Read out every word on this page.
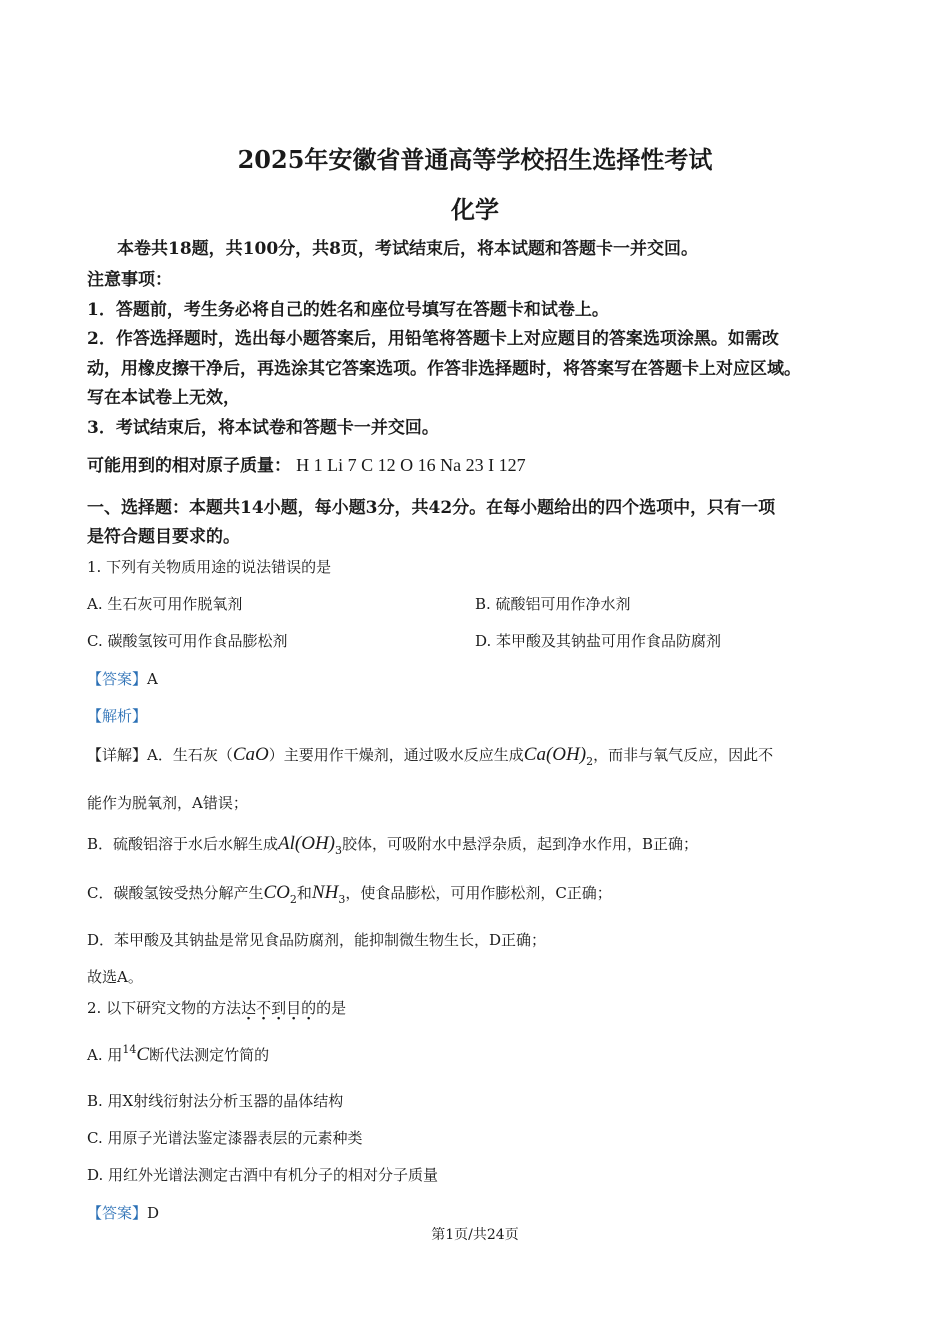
2025年安徽省普通高等学校招生选择性考试
化学
本卷共18题，共100分，共8页，考试结束后，将本试题和答题卡一并交回。
注意事项：
1．答题前，考生务必将自己的姓名和座位号填写在答题卡和试卷上。
2．作答选择题时，选出每小题答案后，用铅笔将答题卡上对应题目的答案选项涂黑。如需改
动，用橡皮擦干净后，再选涂其它答案选项。作答非选择题时，将答案写在答题卡上对应区域。
写在本试卷上无效，
3．考试结束后，将本试卷和答题卡一并交回。
可能用到的相对原子质量： H 1 Li 7 C 12 O 16 Na 23 I 127
一、选择题：本题共14小题，每小题3分，共42分。在每小题给出的四个选项中，只有一项
是符合题目要求的。
1. 下列有关物质用途的说法错误的是
A. 生石灰可用作脱氧剂	B. 硫酸铝可用作净水剂
C. 碳酸氢铵可用作食品膨松剂	D. 苯甲酸及其钠盐可用作食品防腐剂
【答案】A
【解析】
【详解】A．生石灰（CaO）主要用作干燥剂，通过吸水反应生成$Ca(OH)_2$，而非与氧气反应，因此不
能作为脱氧剂，A错误；
B．硫酸铝溶于水后水解生成$Al(OH)_3$胶体，可吸附水中悬浮杂质，起到净水作用，B正确；
C．碳酸氢铵受热分解产生$CO_2$和$NH_3$，使食品膨松，可用作膨松剂，C正确；
D．苯甲酸及其钠盐是常见食品防腐剂，能抑制微生物生长，D正确；
故选A。
2. 以下研究文物的方法达不到目的的是
A. 用$^{14}$C断代法测定竹简的
B. 用X射线衍射法分析玉器的晶体结构
C. 用原子光谱法鉴定漆器表层的元素种类
D. 用红外光谱法测定古酒中有机分子的相对分子质量
【答案】D
第1页/共24页
